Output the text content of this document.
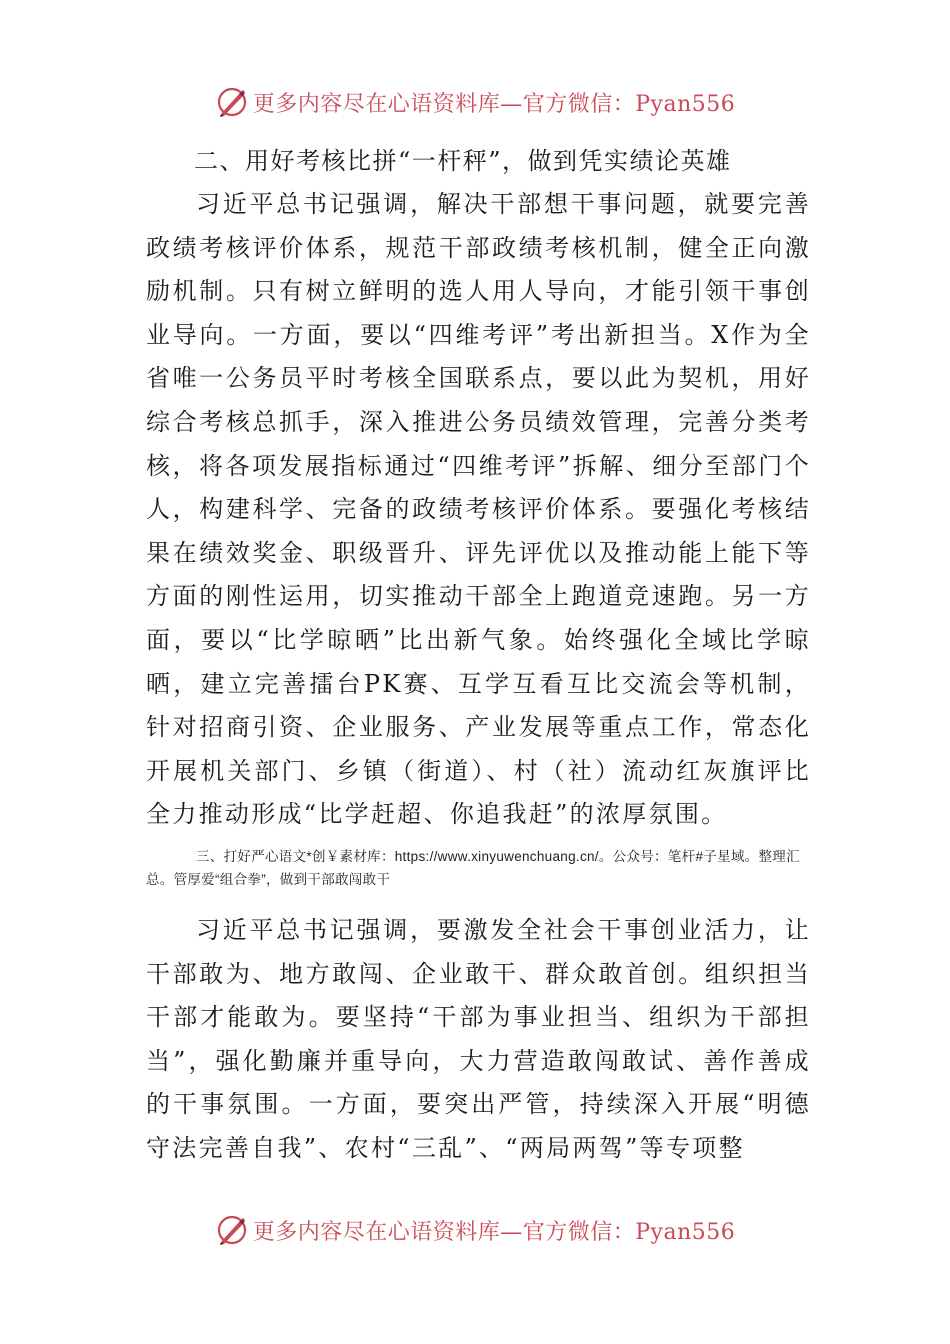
更多内容尽在心语资料库—官方微信：Pyan556

二、用好考核比拼“一杆秤”，做到凭实绩论英雄

习近平总书记强调，解决干部想干事问题，就要完善政绩考核评价体系，规范干部政绩考核机制，健全正向激励机制。只有树立鲜明的选人用人导向，才能引领干事创业导向。一方面，要以“四维考评”考出新担当。X作为全省唯一公务员平时考核全国联系点，要以此为契机，用好综合考核总抓手，深入推进公务员绩效管理，完善分类考核，将各项发展指标通过“四维考评”拆解、细分至部门个人，构建科学、完备的政绩考核评价体系。要强化考核结果在绩效奖金、职级晋升、评先评优以及推动能上能下等方面的刚性运用，切实推动干部全上跑道竞速跑。另一方面，要以“比学晾晒”比出新气象。始终强化全域比学晾晒，建立完善擂台PK赛、互学互看互比交流会等机制，针对招商引资、企业服务、产业发展等重点工作，常态化开展机关部门、乡镇（街道）、村（社）流动红灰旗评比全力推动形成“比学赶超、你追我赶”的浓厚氛围。

三、打好严心语文*创￥素材库：https://www.xinyuwenchuang.cn/。公众号：笔杆#子星域。整理汇总。管厚爱“组合拳”，做到干部敢闯敢干

习近平总书记强调，要激发全社会干事创业活力，让干部敢为、地方敢闯、企业敢干、群众敢首创。组织担当干部才能敢为。要坚持“干部为事业担当、组织为干部担当”，强化勤廉并重导向，大力营造敢闯敢试、善作善成的干事氛围。一方面，要突出严管，持续深入开展“明德守法完善自我”、农村“三乱”、“两局两驾”等专项整

更多内容尽在心语资料库—官方微信：Pyan556
